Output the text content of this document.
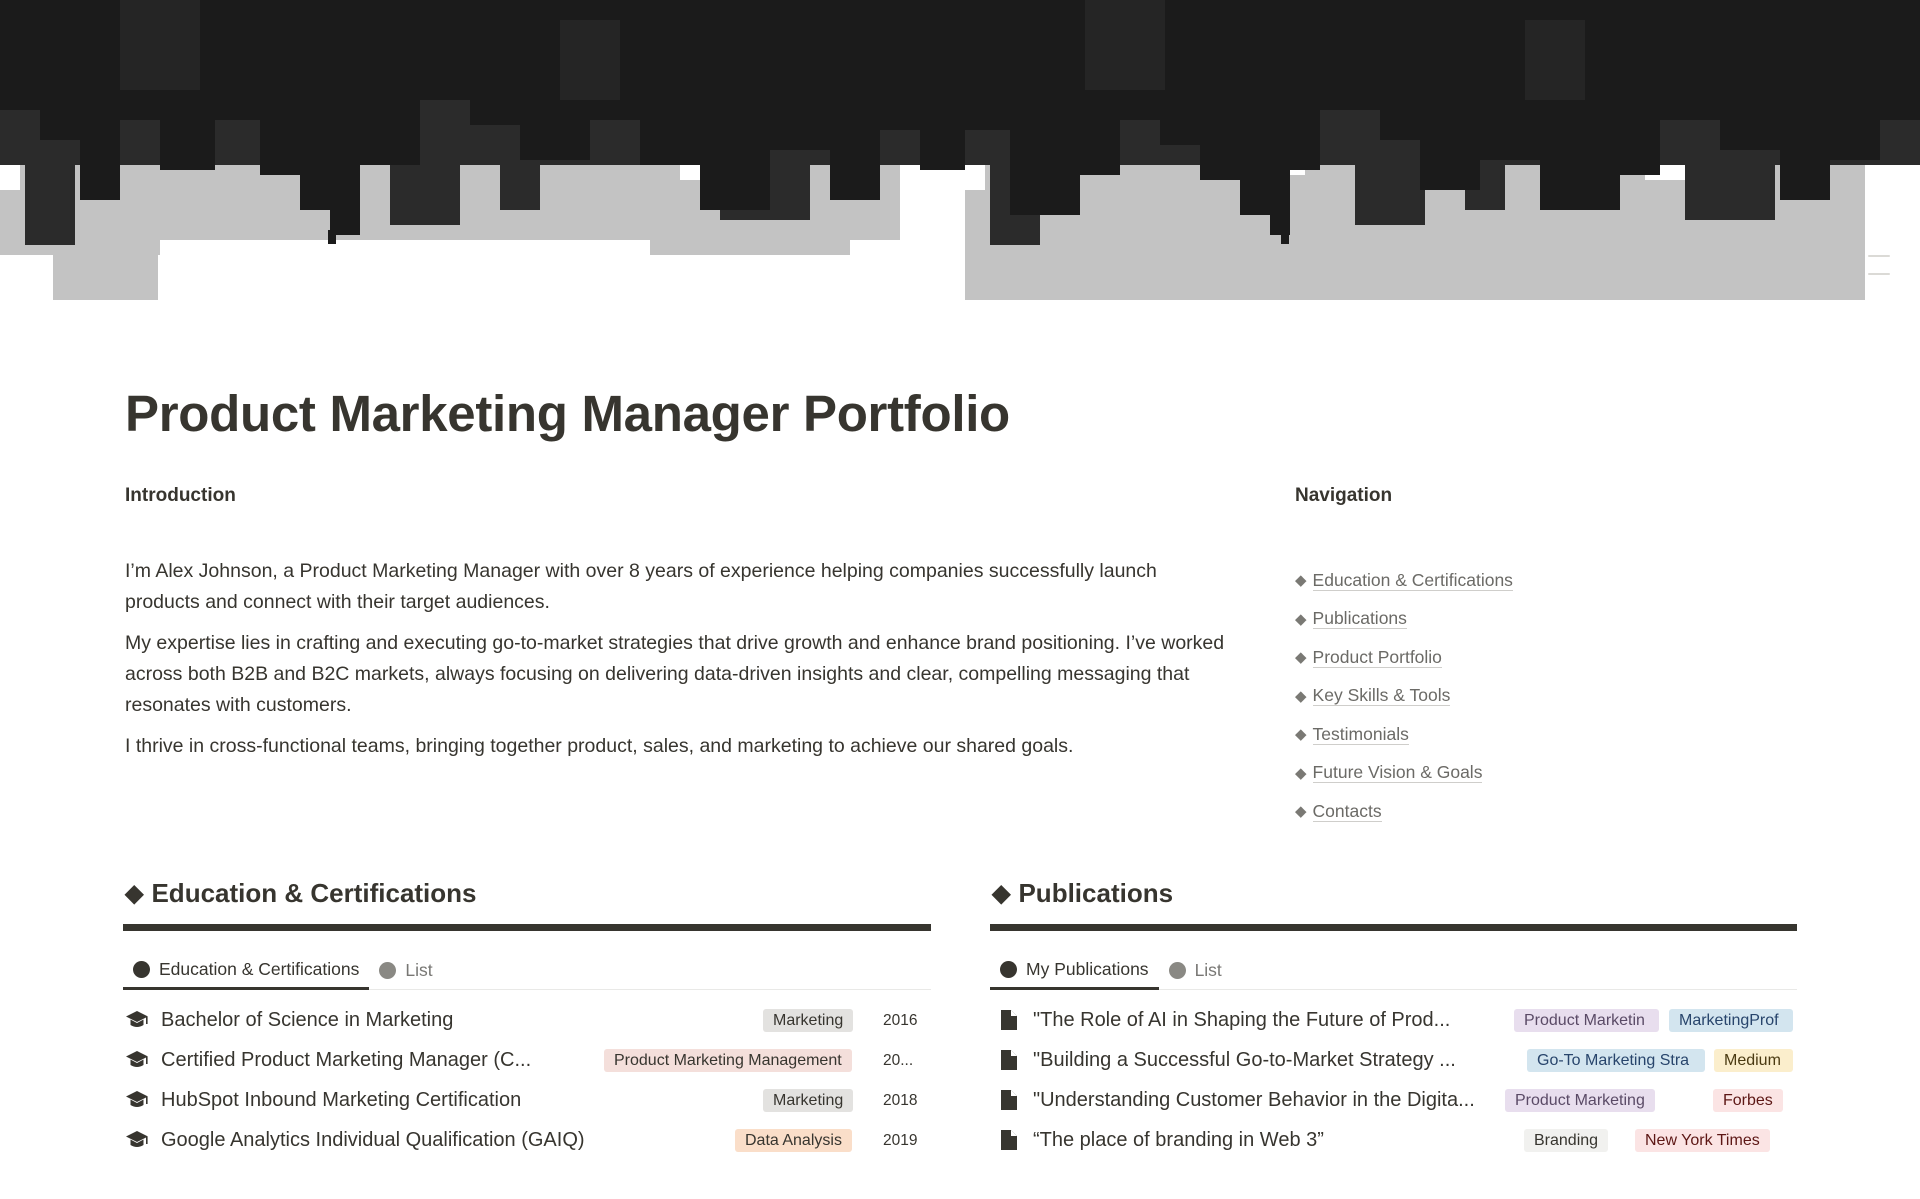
Product Marketing Manager Portfolio
Introduction

I’m Alex Johnson, a Product Marketing Manager with over 8 years of experience helping companies successfully launch products and connect with their target audiences.

My expertise lies in crafting and executing go-to-market strategies that drive growth and enhance brand positioning. I’ve worked across both B2B and B2C markets, always focusing on delivering data-driven insights and clear, compelling messaging that resonates with customers.

I thrive in cross-functional teams, bringing together product, sales, and marketing to achieve our shared goals.

Navigation
◆ Education & Certifications
◆ Publications
◆ Product Portfolio
◆ Key Skills & Tools
◆ Testimonials
◆ Future Vision & Goals
◆ Contacts
◆ Education & Certifications
Education & Certifications	List
Bachelor of Science in Marketing	Marketing	2016
Certified Product Marketing Manager (C...	Product Marketing Management	20...
HubSpot Inbound Marketing Certification	Marketing	2018
Google Analytics Individual Qualification (GAIQ)	Data Analysis	2019
◆ Publications
My Publications	List
"The Role of AI in Shaping the Future of Prod...	Product Marketin	MarketingProf
"Building a Successful Go-to-Market Strategy ...	Go-To Marketing Stra	Medium
"Understanding Customer Behavior in the Digita...	Product Marketing	Forbes
“The place of branding in Web 3”	Branding	New York Times
